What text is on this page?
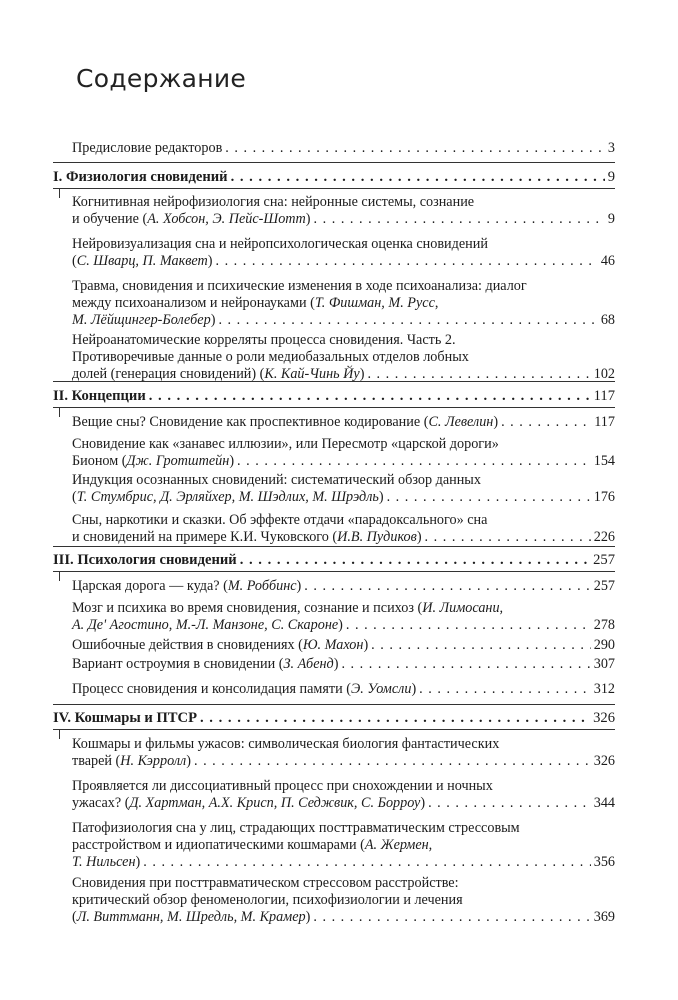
Содержание
Предисловие редакторов . . .	3
I. Физиология сновидений . . .	9
Когнитивная нейрофизиология сна: нейронные системы, сознание
и обучение (А. Хобсон, Э. Пейс-Шотт) . . .	9
Нейровизуализация сна и нейропсихологическая оценка сновидений
(С. Шварц, П. Маквет) . . .	46
Травма, сновидения и психические изменения в ходе психоанализа: диалог
между психоанализом и нейронауками (Т. Фишман, М. Русс,
М. Лёйщингер-Болебер) . . .	68
Нейроанатомические корреляты процесса сновидения. Часть 2.
Противоречивые данные о роли медиобазальных отделов лобных
долей (генерация сновидений) (К. Кай-Чинь Йу) . . .	102
II. Концепции . . .	117
Вещие сны? Сновидение как проспективное кодирование (С. Левелин) . . .	117
Сновидение как «занавес иллюзии», или Пересмотр «царской дороги»
Бионом (Дж. Гротштейн) . . .	154
Индукция осознанных сновидений: систематический обзор данных
(Т. Стумбрис, Д. Эрляйхер, М. Шэдлих, М. Шрэдль) . . .	176
Сны, наркотики и сказки. Об эффекте отдачи «парадоксального» сна
и сновидений на примере К.И. Чуковского (И.В. Пудиков) . . .	226
III. Психология сновидений . . .	257
Царская дорога — куда? (М. Роббинс) . . .	257
Мозг и психика во время сновидения, сознание и психоз (И. Лимосани,
А. Де' Агостино, М.-Л. Манзоне, С. Скароне) . . .	278
Ошибочные действия в сновидениях (Ю. Махон) . . .	290
Вариант остроумия в сновидении (З. Абенд) . . .	307
Процесс сновидения и консолидация памяти (Э. Уомсли) . . .	312
IV. Кошмары и ПТСР . . .	326
Кошмары и фильмы ужасов: символическая биология фантастических
тварей (Н. Кэрролл) . . .	326
Проявляется ли диссоциативный процесс при снохождении и ночных
ужасах? (Д. Хартман, А.Х. Крисп, П. Седжвик, С. Борроу) . . .	344
Патофизиология сна у лиц, страдающих посттравматическим стрессовым
расстройством и идиопатическими кошмарами (А. Жермен,
Т. Нильсен) . . .	356
Сновидения при посттравматическом стрессовом расстройстве:
критический обзор феноменологии, психофизиологии и лечения
(Л. Виттманн, М. Шредль, М. Крамер) . . .	369
